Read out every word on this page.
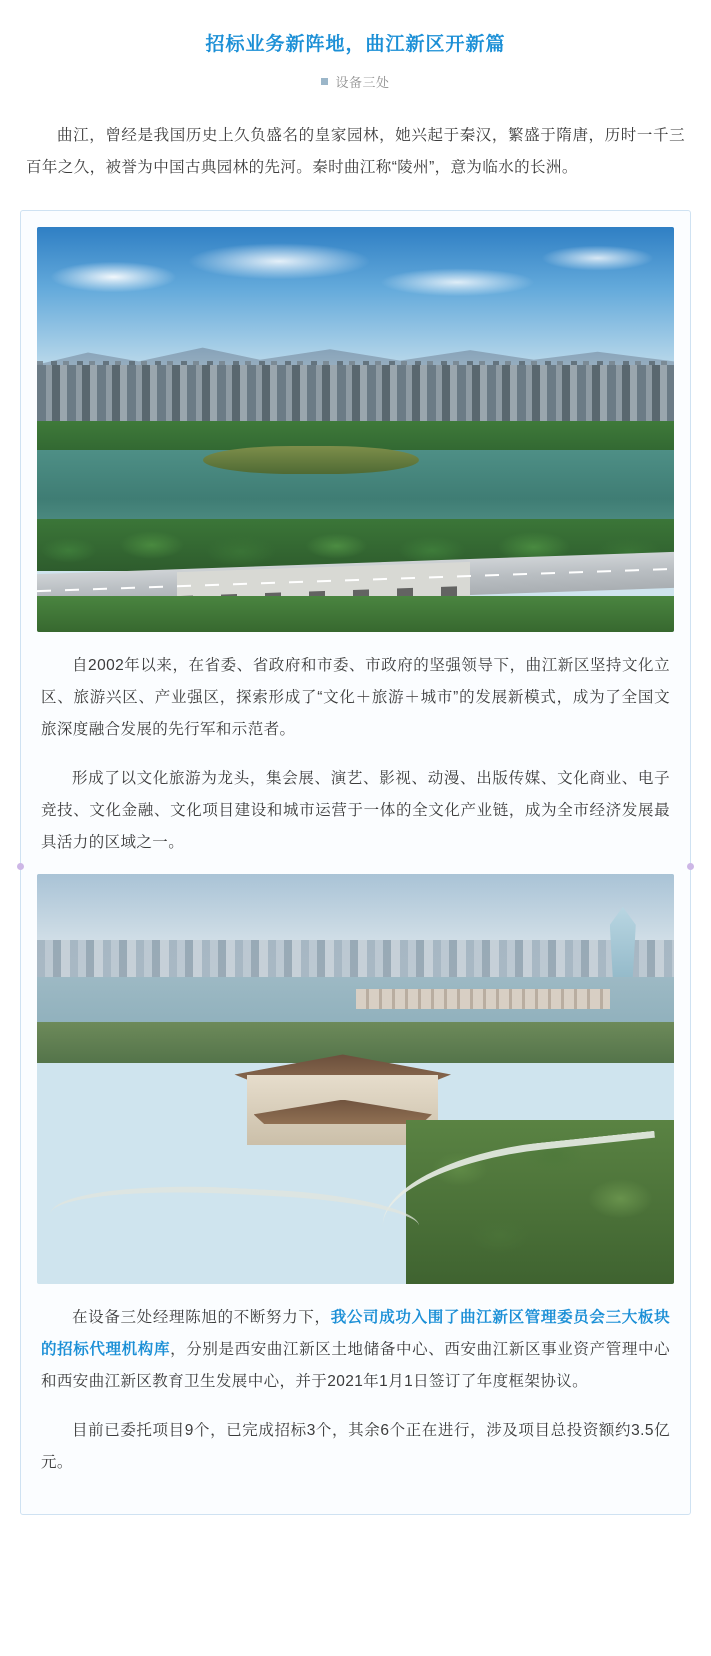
招标业务新阵地，曲江新区开新篇
设备三处

曲江，曾经是我国历史上久负盛名的皇家园林，她兴起于秦汉，繁盛于隋唐，历时一千三百年之久，被誉为中国古典园林的先河。秦时曲江称“陵州”，意为临水的长洲。

自2002年以来，在省委、省政府和市委、市政府的坚强领导下，曲江新区坚持文化立区、旅游兴区、产业强区，探索形成了“文化＋旅游＋城市”的发展新模式，成为了全国文旅深度融合发展的先行军和示范者。

形成了以文化旅游为龙头，集会展、演艺、影视、动漫、出版传媒、文化商业、电子竞技、文化金融、文化项目建设和城市运营于一体的全文化产业链，成为全市经济发展最具活力的区域之一。

在设备三处经理陈旭的不断努力下，我公司成功入围了曲江新区管理委员会三大板块的招标代理机构库，分别是西安曲江新区土地储备中心、西安曲江新区事业资产管理中心和西安曲江新区教育卫生发展中心，并于2021年1月1日签订了年度框架协议。

目前已委托项目9个，已完成招标3个，其余6个正在进行，涉及项目总投资额约3.5亿元。
